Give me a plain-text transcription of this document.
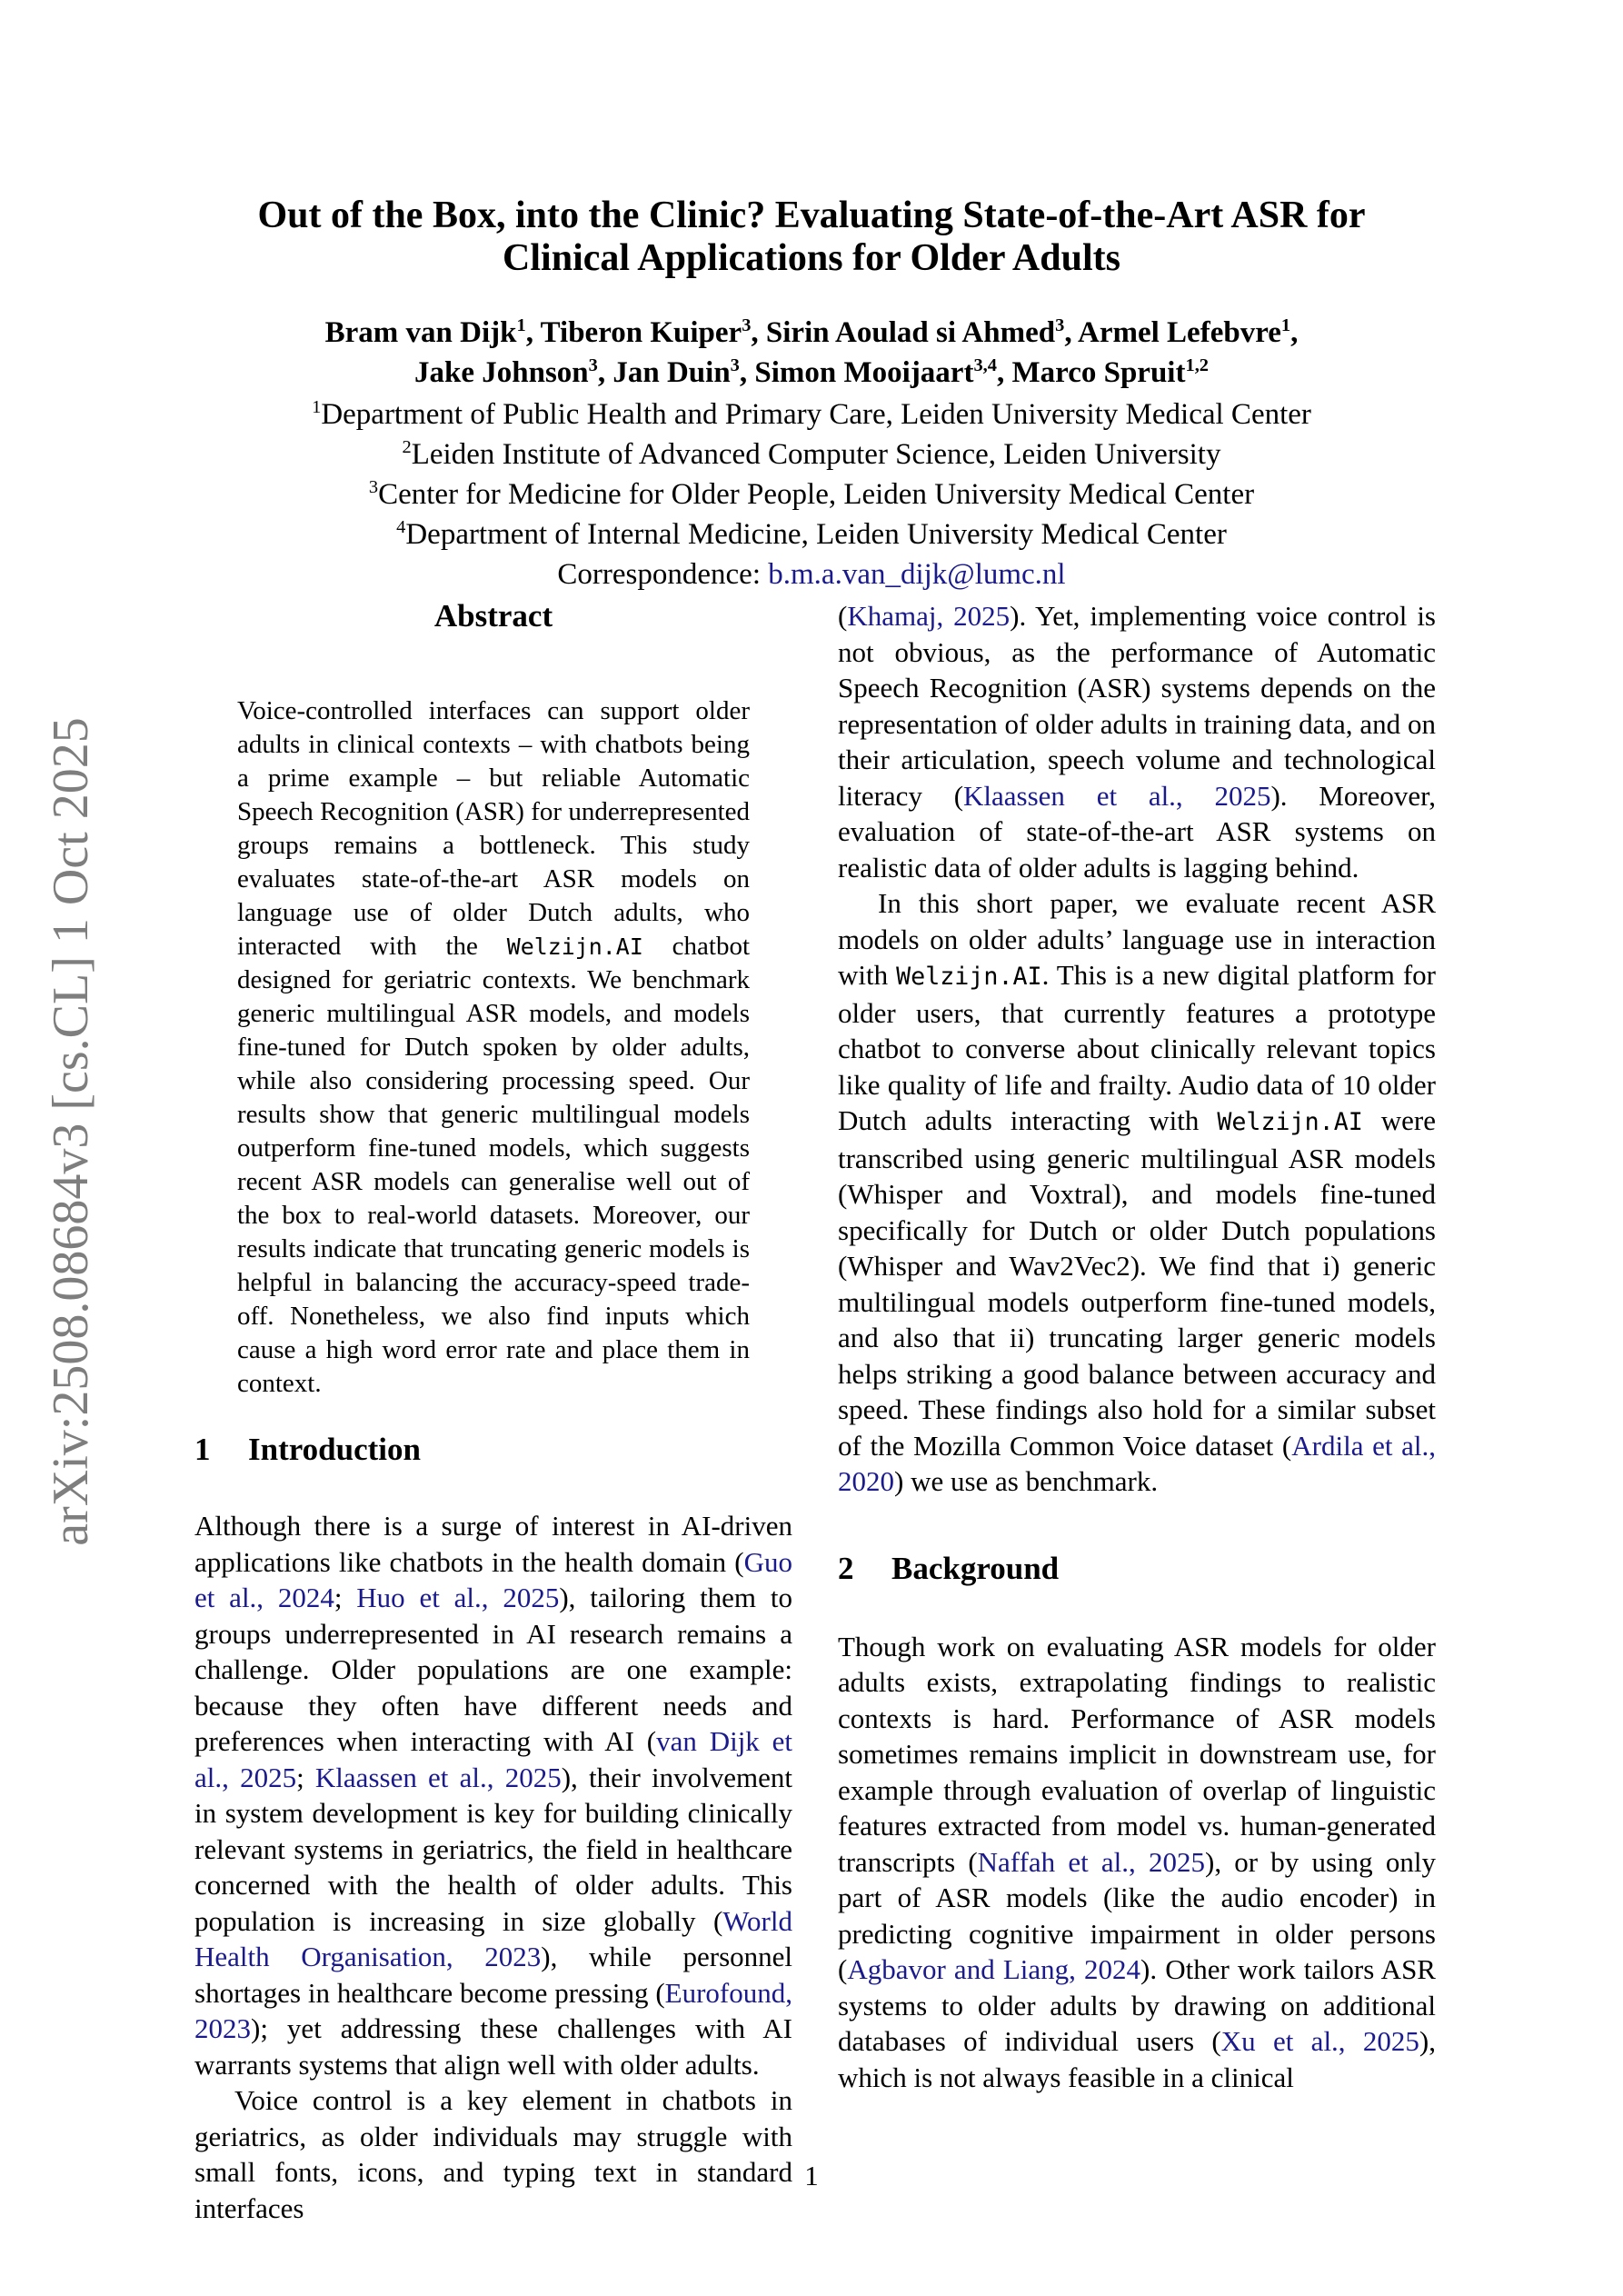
arXiv:2508.08684v3 [cs.CL] 1 Oct 2025
Out of the Box, into the Clinic? Evaluating State-of-the-Art ASR for
Clinical Applications for Older Adults
Bram van Dijk$^1$, Tiberon Kuiper$^3$, Sirin Aoulad si Ahmed$^3$, Armel Lefebvre$^1$,
Jake Johnson$^3$, Jan Duin$^3$, Simon Mooijaart$^{3,4}$, Marco Spruit$^{1,2}$
$^1$Department of Public Health and Primary Care, Leiden University Medical Center
$^2$Leiden Institute of Advanced Computer Science, Leiden University
$^3$Center for Medicine for Older People, Leiden University Medical Center
$^4$Department of Internal Medicine, Leiden University Medical Center
Correspondence: b.m.a.van_dijk@lumc.nl
Abstract
Voice-controlled interfaces can support older adults in clinical contexts – with chatbots being a prime example – but reliable Automatic Speech Recognition (ASR) for underrepresented groups remains a bottleneck. This study evaluates state-of-the-art ASR models on language use of older Dutch adults, who interacted with the Welzijn.AI chatbot designed for geriatric contexts. We benchmark generic multilingual ASR models, and models fine-tuned for Dutch spoken by older adults, while also considering processing speed. Our results show that generic multilingual models outperform fine-tuned models, which suggests recent ASR models can generalise well out of the box to real-world datasets. Moreover, our results indicate that truncating generic models is helpful in balancing the accuracy-speed trade-off. Nonetheless, we also find inputs which cause a high word error rate and place them in context.
1 Introduction

Although there is a surge of interest in AI-driven applications like chatbots in the health domain (Guo et al., 2024; Huo et al., 2025), tailoring them to groups underrepresented in AI research remains a challenge. Older populations are one example: because they often have different needs and preferences when interacting with AI (van Dijk et al., 2025; Klaassen et al., 2025), their involvement in system development is key for building clinically relevant systems in geriatrics, the field in healthcare concerned with the health of older adults. This population is increasing in size globally (World Health Organisation, 2023), while personnel shortages in healthcare become pressing (Eurofound, 2023); yet addressing these challenges with AI warrants systems that align well with older adults.

Voice control is a key element in chatbots in geriatrics, as older individuals may struggle with small fonts, icons, and typing text in standard interfaces

(Khamaj, 2025). Yet, implementing voice control is not obvious, as the performance of Automatic Speech Recognition (ASR) systems depends on the representation of older adults in training data, and on their articulation, speech volume and technological literacy (Klaassen et al., 2025). Moreover, evaluation of state-of-the-art ASR systems on realistic data of older adults is lagging behind.

In this short paper, we evaluate recent ASR models on older adults’ language use in interaction with Welzijn.AI. This is a new digital platform for older users, that currently features a prototype chatbot to converse about clinically relevant topics like quality of life and frailty. Audio data of 10 older Dutch adults interacting with Welzijn.AI were transcribed using generic multilingual ASR models (Whisper and Voxtral), and models fine-tuned specifically for Dutch or older Dutch populations (Whisper and Wav2Vec2). We find that i) generic multilingual models outperform fine-tuned models, and also that ii) truncating larger generic models helps striking a good balance between accuracy and speed. These findings also hold for a similar subset of the Mozilla Common Voice dataset (Ardila et al., 2020) we use as benchmark.

2 Background

Though work on evaluating ASR models for older adults exists, extrapolating findings to realistic contexts is hard. Performance of ASR models sometimes remains implicit in downstream use, for example through evaluation of overlap of linguistic features extracted from model vs. human-generated transcripts (Naffah et al., 2025), or by using only part of ASR models (like the audio encoder) in predicting cognitive impairment in older persons (Agbavor and Liang, 2024). Other work tailors ASR systems to older adults by drawing on additional databases of individual users (Xu et al., 2025), which is not always feasible in a clinical

1
